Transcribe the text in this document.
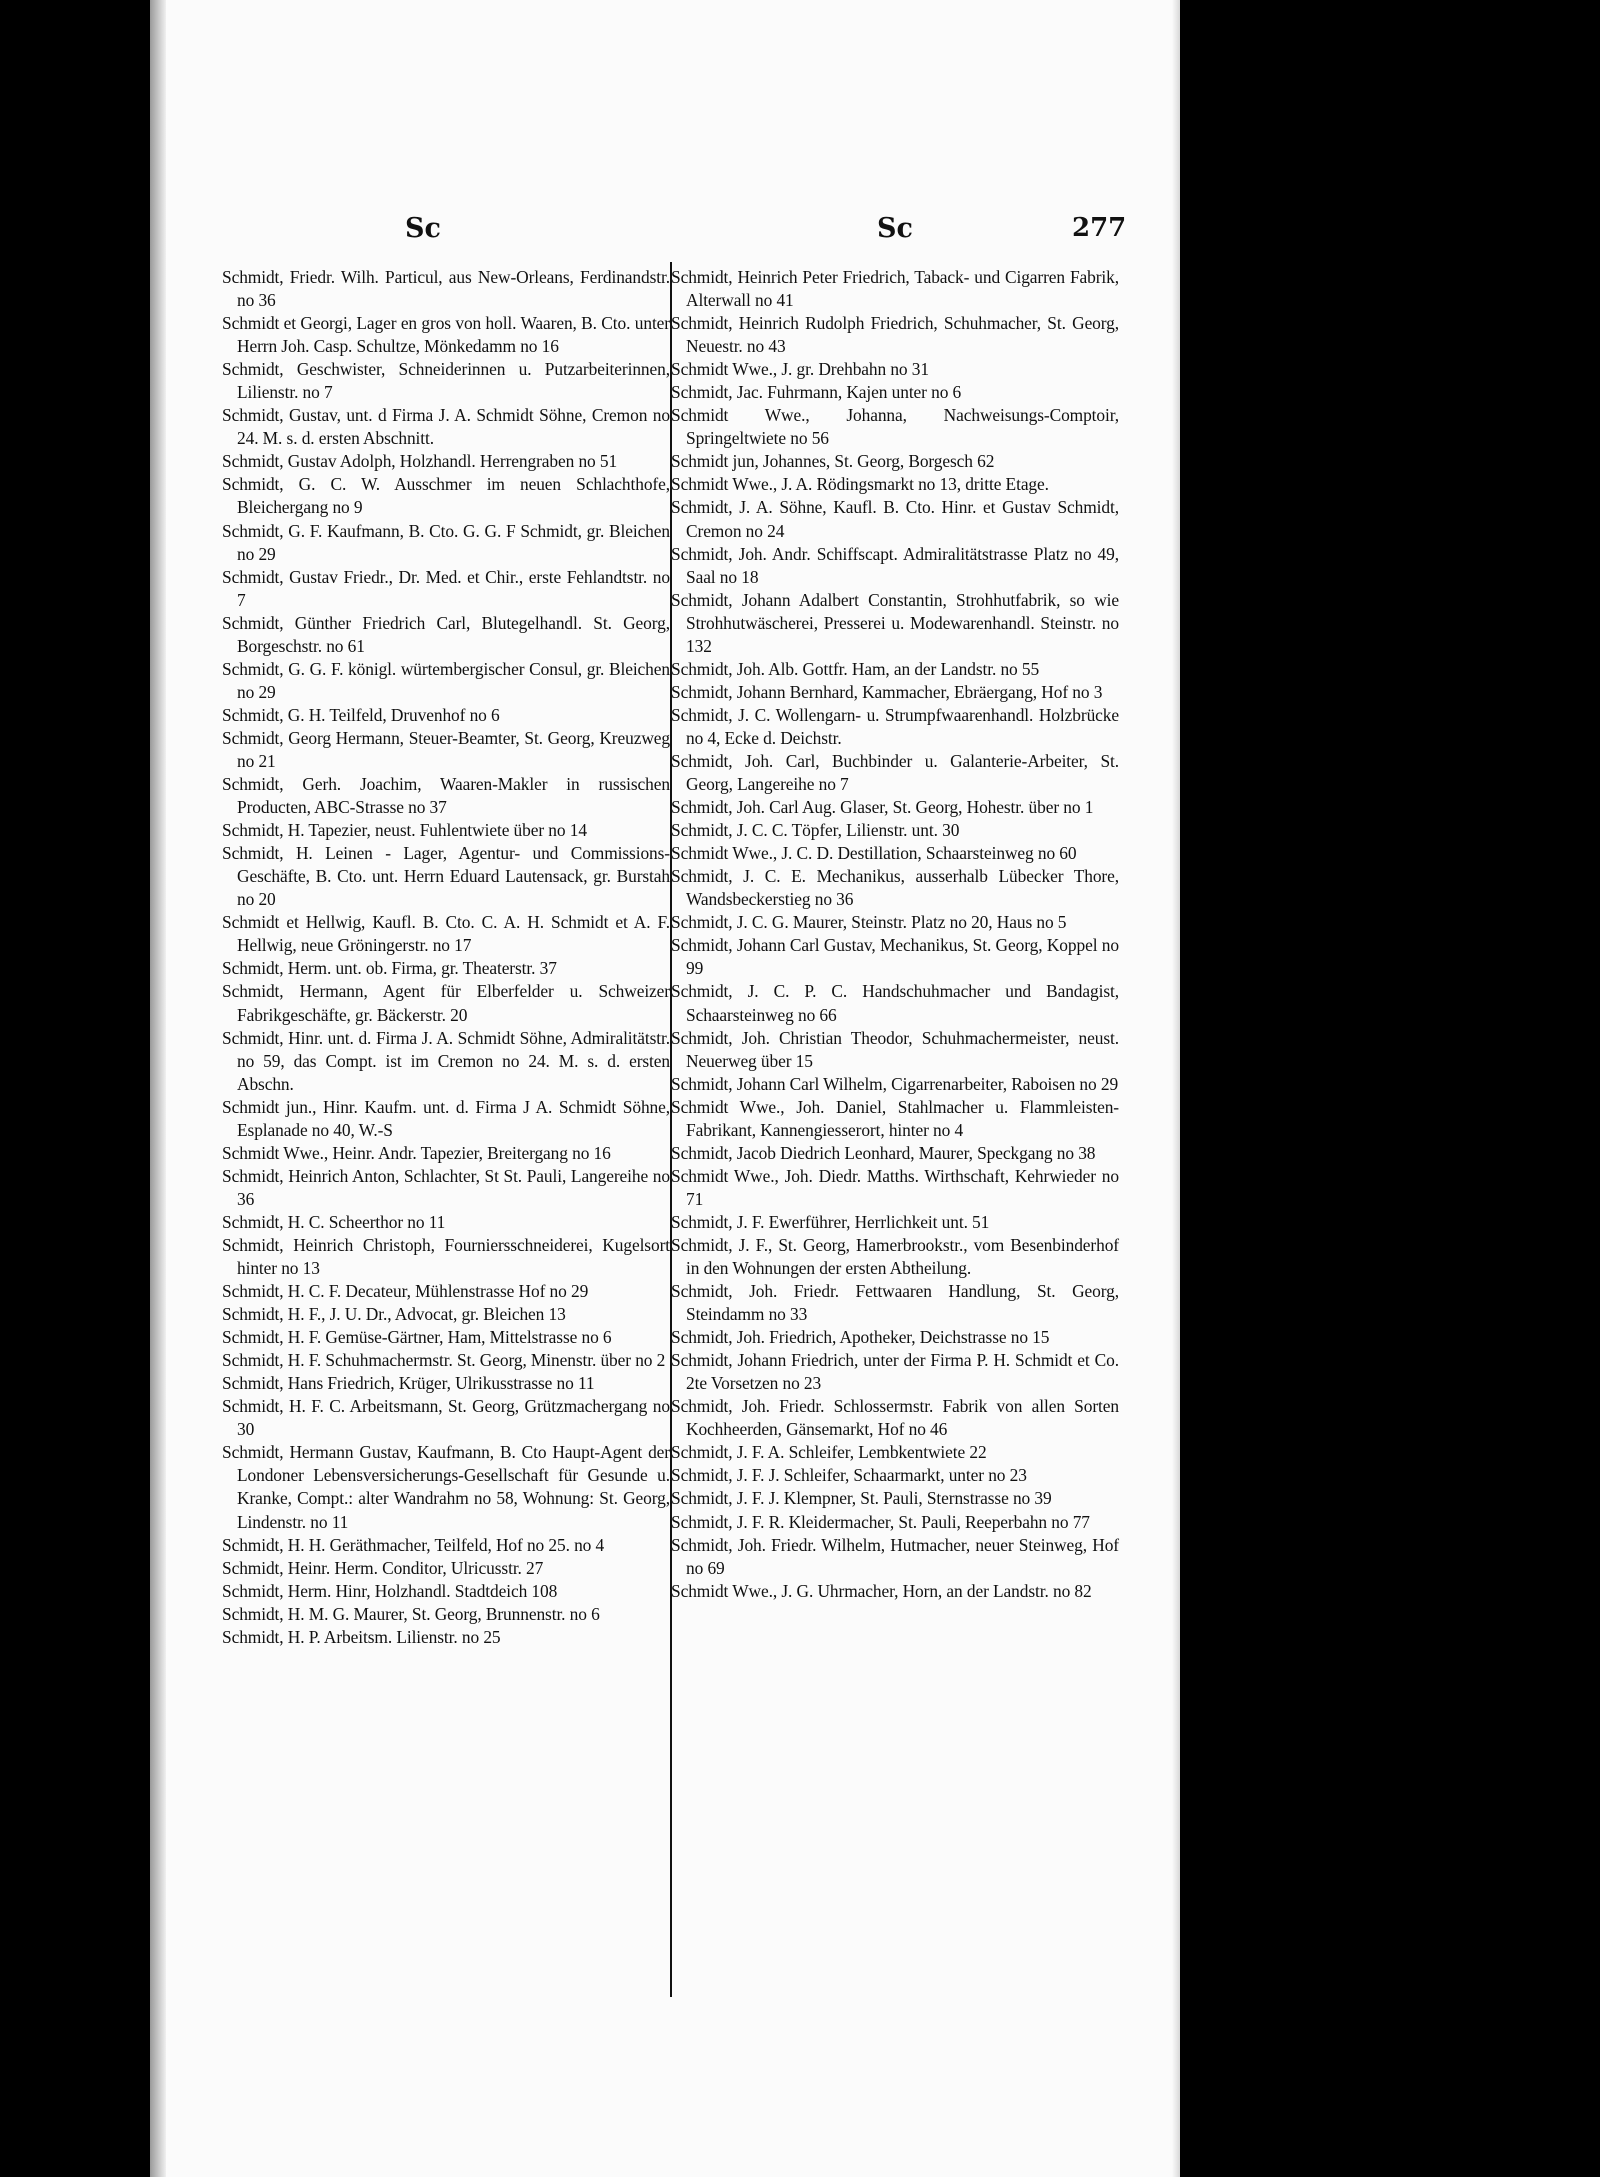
Sc	Sc	277
Schmidt, Friedr. Wilh. Particul, aus New-Orleans, Ferdinandstr. no 36
Schmidt et Georgi, Lager en gros von holl. Waaren, B. Cto. unter Herrn Joh. Casp. Schultze, Mönkedamm no 16
Schmidt, Geschwister, Schneiderinnen u. Putzarbeiterinnen, Lilienstr. no 7
Schmidt, Gustav, unt. d Firma J. A. Schmidt Söhne, Cremon no 24. M. s. d. ersten Abschnitt.
Schmidt, Gustav Adolph, Holzhandl. Herrengraben no 51
Schmidt, G. C. W. Ausschmer im neuen Schlachthofe, Bleichergang no 9
Schmidt, G. F. Kaufmann, B. Cto. G. G. F Schmidt, gr. Bleichen no 29
Schmidt, Gustav Friedr., Dr. Med. et Chir., erste Fehlandtstr. no 7
Schmidt, Günther Friedrich Carl, Blutegelhandl. St. Georg, Borgeschstr. no 61
Schmidt, G. G. F. königl. würtembergischer Consul, gr. Bleichen no 29
Schmidt, G. H. Teilfeld, Druvenhof no 6
Schmidt, Georg Hermann, Steuer-Beamter, St. Georg, Kreuzweg no 21
Schmidt, Gerh. Joachim, Waaren-Makler in russischen Producten, ABC-Strasse no 37
Schmidt, H. Tapezier, neust. Fuhlentwiete über no 14
Schmidt, H. Leinen - Lager, Agentur- und Commissions-Geschäfte, B. Cto. unt. Herrn Eduard Lautensack, gr. Burstah no 20
Schmidt et Hellwig, Kaufl. B. Cto. C. A. H. Schmidt et A. F. Hellwig, neue Gröningerstr. no 17
Schmidt, Herm. unt. ob. Firma, gr. Theaterstr. 37
Schmidt, Hermann, Agent für Elberfelder u. Schweizer Fabrikgeschäfte, gr. Bäckerstr. 20
Schmidt, Hinr. unt. d. Firma J. A. Schmidt Söhne, Admiralitätstr. no 59, das Compt. ist im Cremon no 24. M. s. d. ersten Abschn.
Schmidt jun., Hinr. Kaufm. unt. d. Firma J A. Schmidt Söhne, Esplanade no 40, W.-S
Schmidt Wwe., Heinr. Andr. Tapezier, Breitergang no 16
Schmidt, Heinrich Anton, Schlachter, St St. Pauli, Langereihe no 36
Schmidt, H. C. Scheerthor no 11
Schmidt, Heinrich Christoph, Fourniersschneiderei, Kugelsort hinter no 13
Schmidt, H. C. F. Decateur, Mühlenstrasse Hof no 29
Schmidt, H. F., J. U. Dr., Advocat, gr. Bleichen 13
Schmidt, H. F. Gemüse-Gärtner, Ham, Mittelstrasse no 6
Schmidt, H. F. Schuhmachermstr. St. Georg, Minenstr. über no 2
Schmidt, Hans Friedrich, Krüger, Ulrikusstrasse no 11
Schmidt, H. F. C. Arbeitsmann, St. Georg, Grützmachergang no 30
Schmidt, Hermann Gustav, Kaufmann, B. Cto Haupt-Agent der Londoner Lebensversicherungs-Gesellschaft für Gesunde u. Kranke, Compt.: alter Wandrahm no 58, Wohnung: St. Georg, Lindenstr. no 11
Schmidt, H. H. Geräthmacher, Teilfeld, Hof no 25. no 4
Schmidt, Heinr. Herm. Conditor, Ulricusstr. 27
Schmidt, Herm. Hinr, Holzhandl. Stadtdeich 108
Schmidt, H. M. G. Maurer, St. Georg, Brunnenstr. no 6
Schmidt, H. P. Arbeitsm. Lilienstr. no 25
Schmidt, Heinrich Peter Friedrich, Taback- und Cigarren Fabrik, Alterwall no 41
Schmidt, Heinrich Rudolph Friedrich, Schuhmacher, St. Georg, Neuestr. no 43
Schmidt Wwe., J. gr. Drehbahn no 31
Schmidt, Jac. Fuhrmann, Kajen unter no 6
Schmidt Wwe., Johanna, Nachweisungs-Comptoir, Springeltwiete no 56
Schmidt jun, Johannes, St. Georg, Borgesch 62
Schmidt Wwe., J. A. Rödingsmarkt no 13, dritte Etage.
Schmidt, J. A. Söhne, Kaufl. B. Cto. Hinr. et Gustav Schmidt, Cremon no 24
Schmidt, Joh. Andr. Schiffscapt. Admiralitätstrasse Platz no 49, Saal no 18
Schmidt, Johann Adalbert Constantin, Strohhutfabrik, so wie Strohhutwäscherei, Presserei u. Modewarenhandl. Steinstr. no 132
Schmidt, Joh. Alb. Gottfr. Ham, an der Landstr. no 55
Schmidt, Johann Bernhard, Kammacher, Ebräergang, Hof no 3
Schmidt, J. C. Wollengarn- u. Strumpfwaarenhandl. Holzbrücke no 4, Ecke d. Deichstr.
Schmidt, Joh. Carl, Buchbinder u. Galanterie-Arbeiter, St. Georg, Langereihe no 7
Schmidt, Joh. Carl Aug. Glaser, St. Georg, Hohestr. über no 1
Schmidt, J. C. C. Töpfer, Lilienstr. unt. 30
Schmidt Wwe., J. C. D. Destillation, Schaarsteinweg no 60
Schmidt, J. C. E. Mechanikus, ausserhalb Lübecker Thore, Wandsbeckerstieg no 36
Schmidt, J. C. G. Maurer, Steinstr. Platz no 20, Haus no 5
Schmidt, Johann Carl Gustav, Mechanikus, St. Georg, Koppel no 99
Schmidt, J. C. P. C. Handschuhmacher und Bandagist, Schaarsteinweg no 66
Schmidt, Joh. Christian Theodor, Schuhmachermeister, neust. Neuerweg über 15
Schmidt, Johann Carl Wilhelm, Cigarrenarbeiter, Raboisen no 29
Schmidt Wwe., Joh. Daniel, Stahlmacher u. Flammleisten-Fabrikant, Kannengiesserort, hinter no 4
Schmidt, Jacob Diedrich Leonhard, Maurer, Speckgang no 38
Schmidt Wwe., Joh. Diedr. Matths. Wirthschaft, Kehrwieder no 71
Schmidt, J. F. Ewerführer, Herrlichkeit unt. 51
Schmidt, J. F., St. Georg, Hamerbrookstr., vom Besenbinderhof in den Wohnungen der ersten Abtheilung.
Schmidt, Joh. Friedr. Fettwaaren Handlung, St. Georg, Steindamm no 33
Schmidt, Joh. Friedrich, Apotheker, Deichstrasse no 15
Schmidt, Johann Friedrich, unter der Firma P. H. Schmidt et Co. 2te Vorsetzen no 23
Schmidt, Joh. Friedr. Schlossermstr. Fabrik von allen Sorten Kochheerden, Gänsemarkt, Hof no 46
Schmidt, J. F. A. Schleifer, Lembkentwiete 22
Schmidt, J. F. J. Schleifer, Schaarmarkt, unter no 23
Schmidt, J. F. J. Klempner, St. Pauli, Sternstrasse no 39
Schmidt, J. F. R. Kleidermacher, St. Pauli, Reeperbahn no 77
Schmidt, Joh. Friedr. Wilhelm, Hutmacher, neuer Steinweg, Hof no 69
Schmidt Wwe., J. G. Uhrmacher, Horn, an der Landstr. no 82
